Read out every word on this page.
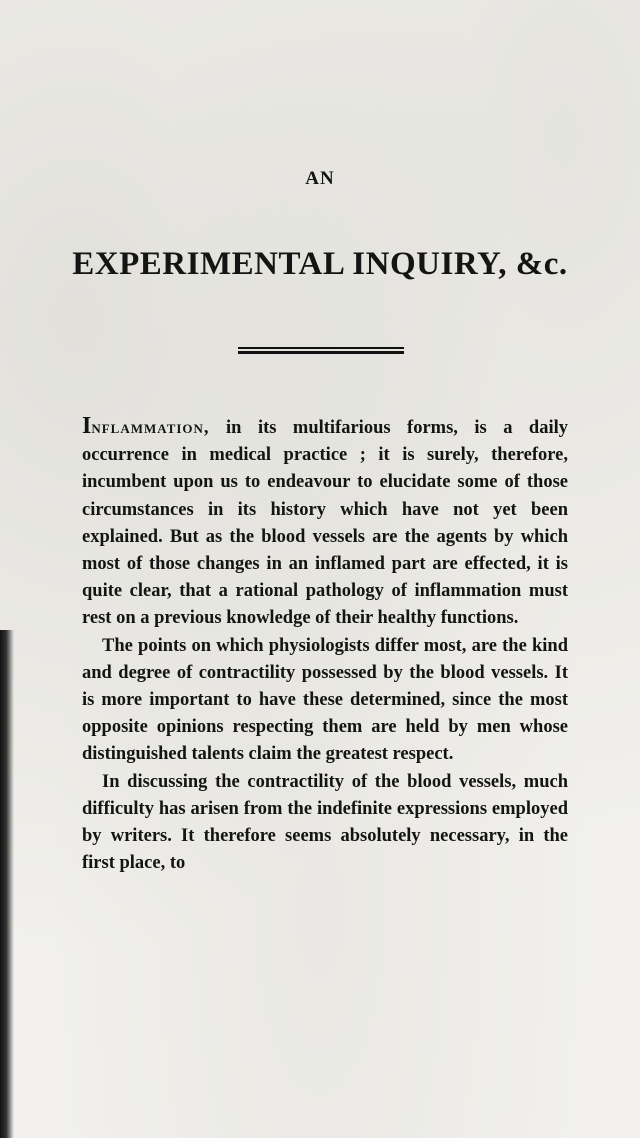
AN
EXPERIMENTAL INQUIRY, &c.

Inflammation, in its multifarious forms, is a daily occurrence in medical practice ; it is surely, therefore, incumbent upon us to endeavour to elucidate some of those circumstances in its history which have not yet been explained. But as the blood vessels are the agents by which most of those changes in an inflamed part are effected, it is quite clear, that a rational pathology of inflammation must rest on a previous knowledge of their healthy functions.

The points on which physiologists differ most, are the kind and degree of contractility possessed by the blood vessels. It is more important to have these determined, since the most opposite opinions respecting them are held by men whose distinguished talents claim the greatest respect.

In discussing the contractility of the blood vessels, much difficulty has arisen from the indefinite expressions employed by writers. It therefore seems absolutely necessary, in the first place, to
